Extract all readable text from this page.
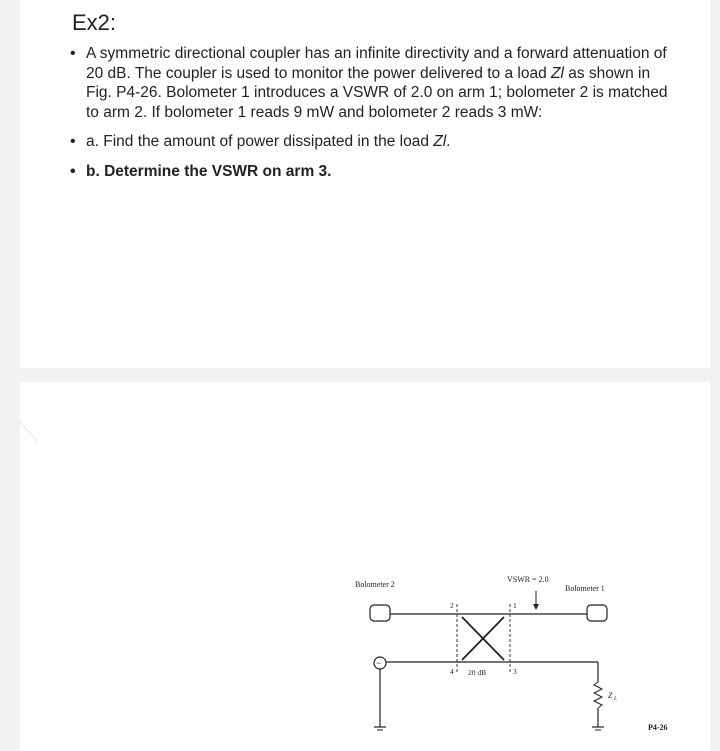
Ex2:
• A symmetric directional coupler has an infinite directivity and a forward attenuation of 20 dB. The coupler is used to monitor the power delivered to a load Zl as shown in Fig. P4-26. Bolometer 1 introduces a VSWR of 2.0 on arm 1; bolometer 2 is matched to arm 2. If bolometer 1 reads 9 mW and bolometer 2 reads 3 mW:
• a. Find the amount of power dissipated in the load Zl.
• b. Determine the VSWR on arm 3.
Bolometer 2	Bolometer 1
VSWR = 2.0
2	1
4	3
20 dB
~
Z L
P4-26
